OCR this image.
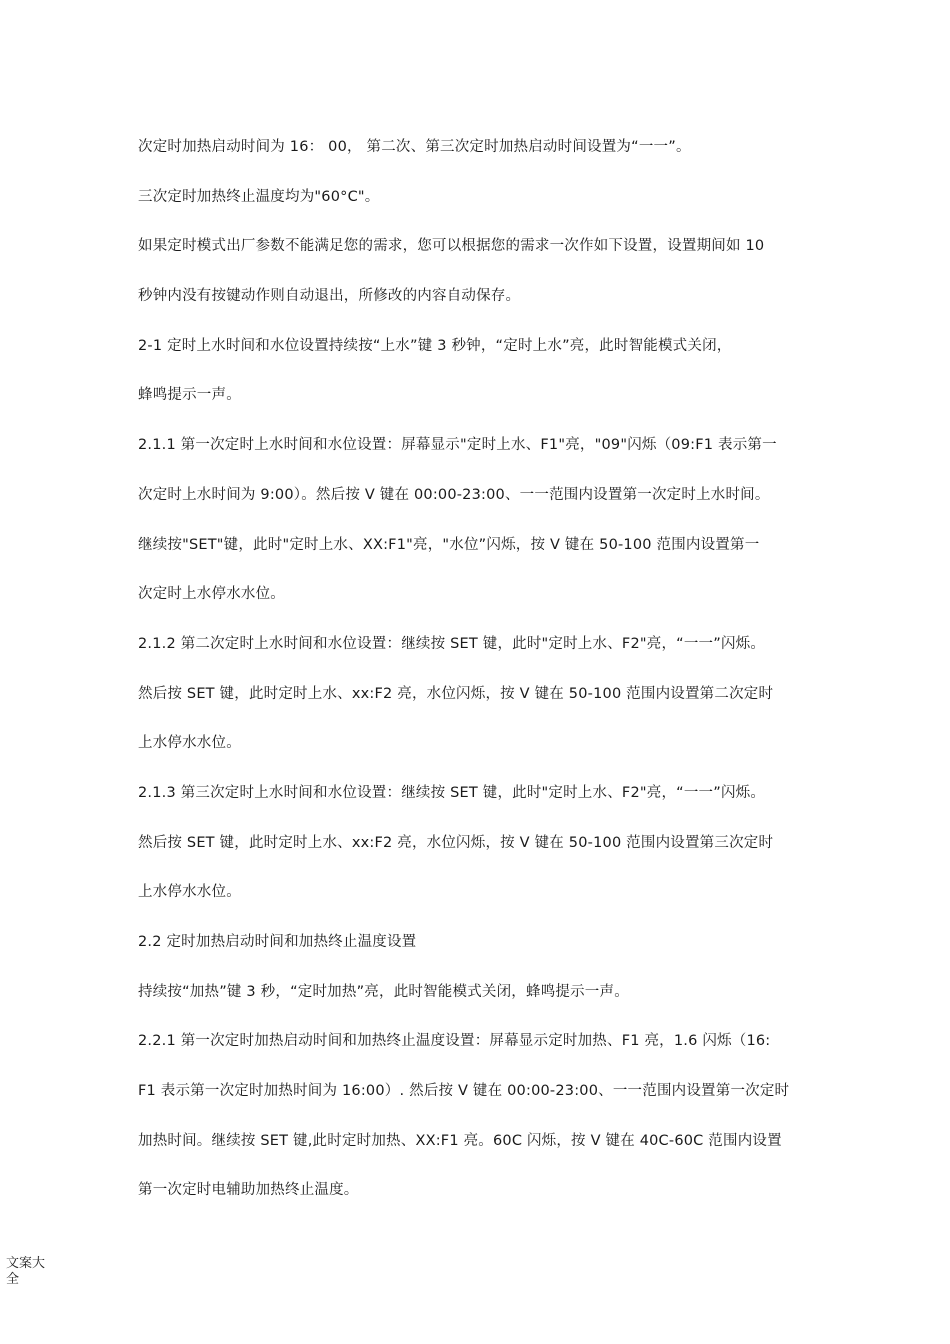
次定时加热启动时间为 16： 00， 第二次、第三次定时加热启动时间设置为“一一”。
三次定时加热终止温度均为"60°C"。
如果定时模式出厂参数不能满足您的需求，您可以根据您的需求一次作如下设置，设置期间如 10
秒钟内没有按键动作则自动退出，所修改的内容自动保存。
2-1 定时上水时间和水位设置持续按“上水”键 3 秒钟，“定时上水”亮，此时智能模式关闭，
蜂鸣提示一声。
2.1.1 第一次定时上水时间和水位设置：屏幕显示"定时上水、F1"亮，"09"闪烁（09:F1 表示第一
次定时上水时间为 9:00）。然后按 V 键在 00:00-23:00、一一范围内设置第一次定时上水时间。
继续按"SET"键，此时"定时上水、XX:F1"亮，"水位”闪烁，按 V 键在 50-100 范围内设置第一
次定时上水停水水位。
2.1.2 第二次定时上水时间和水位设置：继续按 SET 键，此时"定时上水、F2"亮，“一一”闪烁。
然后按 SET 键，此时定时上水、xx:F2 亮，水位闪烁，按 V 键在 50-100 范围内设置第二次定时
上水停水水位。
2.1.3 第三次定时上水时间和水位设置：继续按 SET 键，此时"定时上水、F2"亮，“一一”闪烁。
然后按 SET 键，此时定时上水、xx:F2 亮，水位闪烁，按 V 键在 50-100 范围内设置第三次定时
上水停水水位。
2.2 定时加热启动时间和加热终止温度设置
持续按“加热”键 3 秒，“定时加热”亮，此时智能模式关闭，蜂鸣提示一声。
2.2.1 第一次定时加热启动时间和加热终止温度设置：屏幕显示定时加热、F1 亮，1.6 闪烁（16:
F1 表示第一次定时加热时间为 16:00）. 然后按 V 键在 00:00-23:00、一一范围内设置第一次定时
加热时间。继续按 SET 键,此时定时加热、XX:F1 亮。60C 闪烁，按 V 键在 40C-60C 范围内设置
第一次定时电辅助加热终止温度。
文案大全
